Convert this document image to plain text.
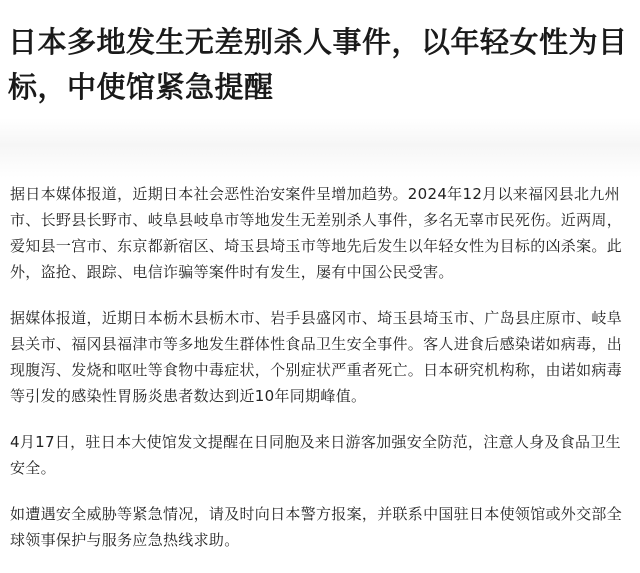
日本多地发生无差别杀人事件，以年轻女性为目标，中使馆紧急提醒

据日本媒体报道，近期日本社会恶性治安案件呈增加趋势。2024年12月以来福冈县北九州市、长野县长野市、岐阜县岐阜市等地发生无差别杀人事件，多名无辜市民死伤。近两周，爱知县一宫市、东京都新宿区、埼玉县埼玉市等地先后发生以年轻女性为目标的凶杀案。此外，盗抢、跟踪、电信诈骗等案件时有发生，屡有中国公民受害。

据媒体报道，近期日本栃木县栃木市、岩手县盛冈市、埼玉县埼玉市、广岛县庄原市、岐阜县关市、福冈县福津市等多地发生群体性食品卫生安全事件。客人进食后感染诺如病毒，出现腹泻、发烧和呕吐等食物中毒症状，个别症状严重者死亡。日本研究机构称，由诺如病毒等引发的感染性胃肠炎患者数达到近10年同期峰值。

4月17日，驻日本大使馆发文提醒在日同胞及来日游客加强安全防范，注意人身及食品卫生安全。

如遭遇安全威胁等紧急情况，请及时向日本警方报案，并联系中国驻日本使领馆或外交部全球领事保护与服务应急热线求助。
